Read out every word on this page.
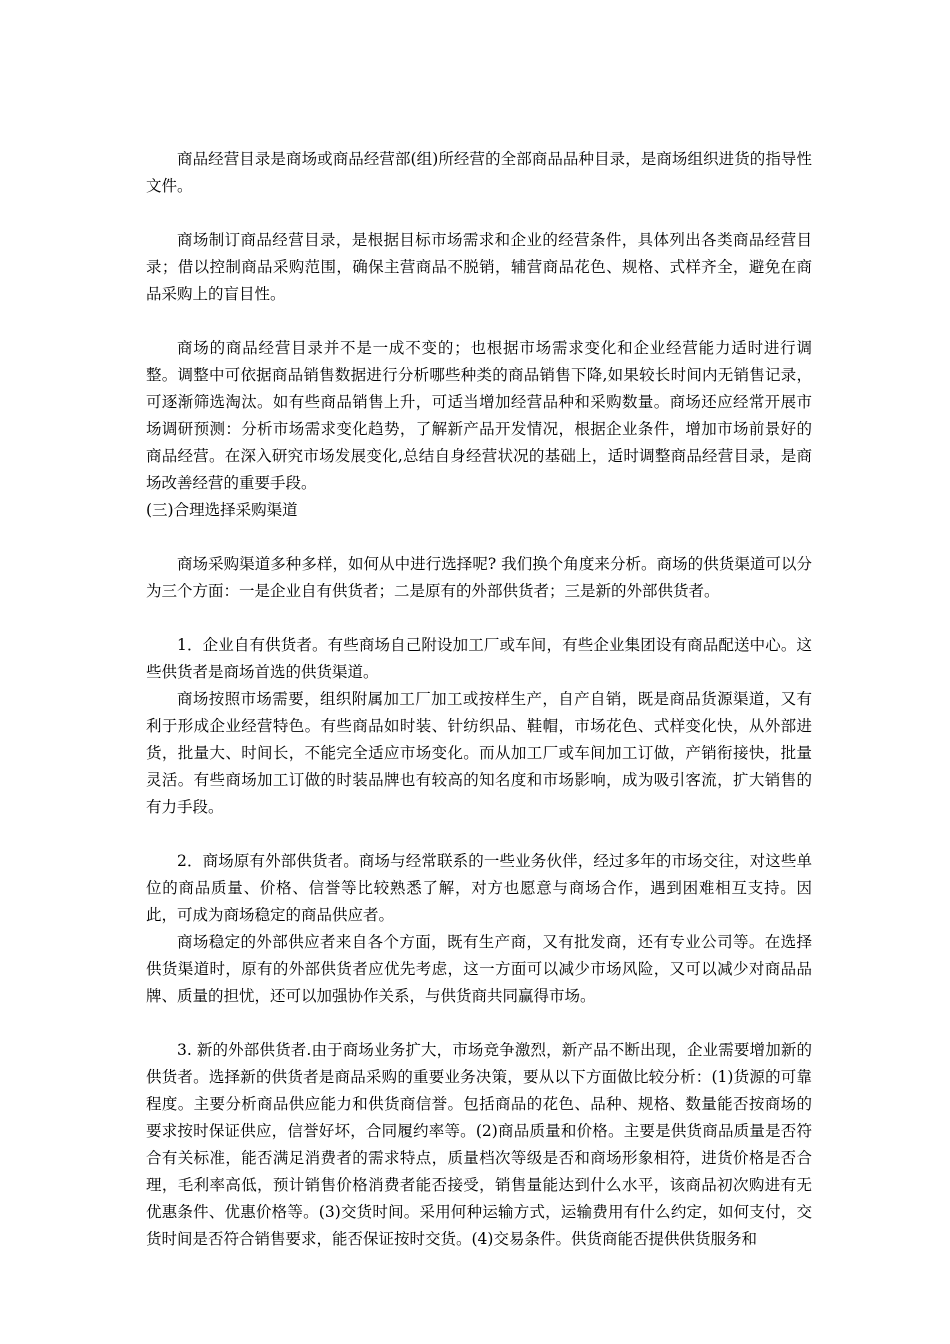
商品经营目录是商场或商品经营部(组)所经营的全部商品品种目录，是商场组织进货的指导性文件。

商场制订商品经营目录，是根据目标市场需求和企业的经营条件，具体列出各类商品经营目录；借以控制商品采购范围，确保主营商品不脱销，辅营商品花色、规格、式样齐全，避免在商品采购上的盲目性。

商场的商品经营目录并不是一成不变的；也根据市场需求变化和企业经营能力适时进行调整。调整中可依据商品销售数据进行分析哪些种类的商品销售下降,如果较长时间内无销售记录，可逐渐筛选淘汰。如有些商品销售上升，可适当增加经营品种和采购数量。商场还应经常开展市场调研预测：分析市场需求变化趋势，了解新产品开发情况，根据企业条件，增加市场前景好的商品经营。在深入研究市场发展变化,总结自身经营状况的基础上，适时调整商品经营目录，是商场改善经营的重要手段。

(三)合理选择采购渠道

商场采购渠道多种多样，如何从中进行选择呢? 我们换个角度来分析。商场的供货渠道可以分为三个方面：一是企业自有供货者；二是原有的外部供货者；三是新的外部供货者。

1．企业自有供货者。有些商场自己附设加工厂或车间，有些企业集团设有商品配送中心。这些供货者是商场首选的供货渠道。

商场按照市场需要，组织附属加工厂加工或按样生产，自产自销，既是商品货源渠道，又有利于形成企业经营特色。有些商品如时装、针纺织品、鞋帽，市场花色、式样变化快，从外部进货，批量大、时间长，不能完全适应市场变化。而从加工厂或车间加工订做，产销衔接快，批量灵活。有些商场加工订做的时装品牌也有较高的知名度和市场影响，成为吸引客流，扩大销售的有力手段。

2．商场原有外部供货者。商场与经常联系的一些业务伙伴，经过多年的市场交往，对这些单位的商品质量、价格、信誉等比较熟悉了解，对方也愿意与商场合作，遇到困难相互支持。因此，可成为商场稳定的商品供应者。

商场稳定的外部供应者来自各个方面，既有生产商，又有批发商，还有专业公司等。在选择供货渠道时，原有的外部供货者应优先考虑，这一方面可以减少市场风险，又可以减少对商品品牌、质量的担忧，还可以加强协作关系，与供货商共同赢得市场。

3. 新的外部供货者.由于商场业务扩大，市场竞争激烈，新产品不断出现，企业需要增加新的供货者。选择新的供货者是商品采购的重要业务决策，要从以下方面做比较分析：(1)货源的可靠程度。主要分析商品供应能力和供货商信誉。包括商品的花色、品种、规格、数量能否按商场的要求按时保证供应，信誉好坏，合同履约率等。(2)商品质量和价格。主要是供货商品质量是否符合有关标准，能否满足消费者的需求特点，质量档次等级是否和商场形象相符，进货价格是否合理，毛利率高低，预计销售价格消费者能否接受，销售量能达到什么水平，该商品初次购进有无优惠条件、优惠价格等。(3)交货时间。采用何种运输方式，运输费用有什么约定，如何支付，交货时间是否符合销售要求，能否保证按时交货。(4)交易条件。供货商能否提供供货服务和
